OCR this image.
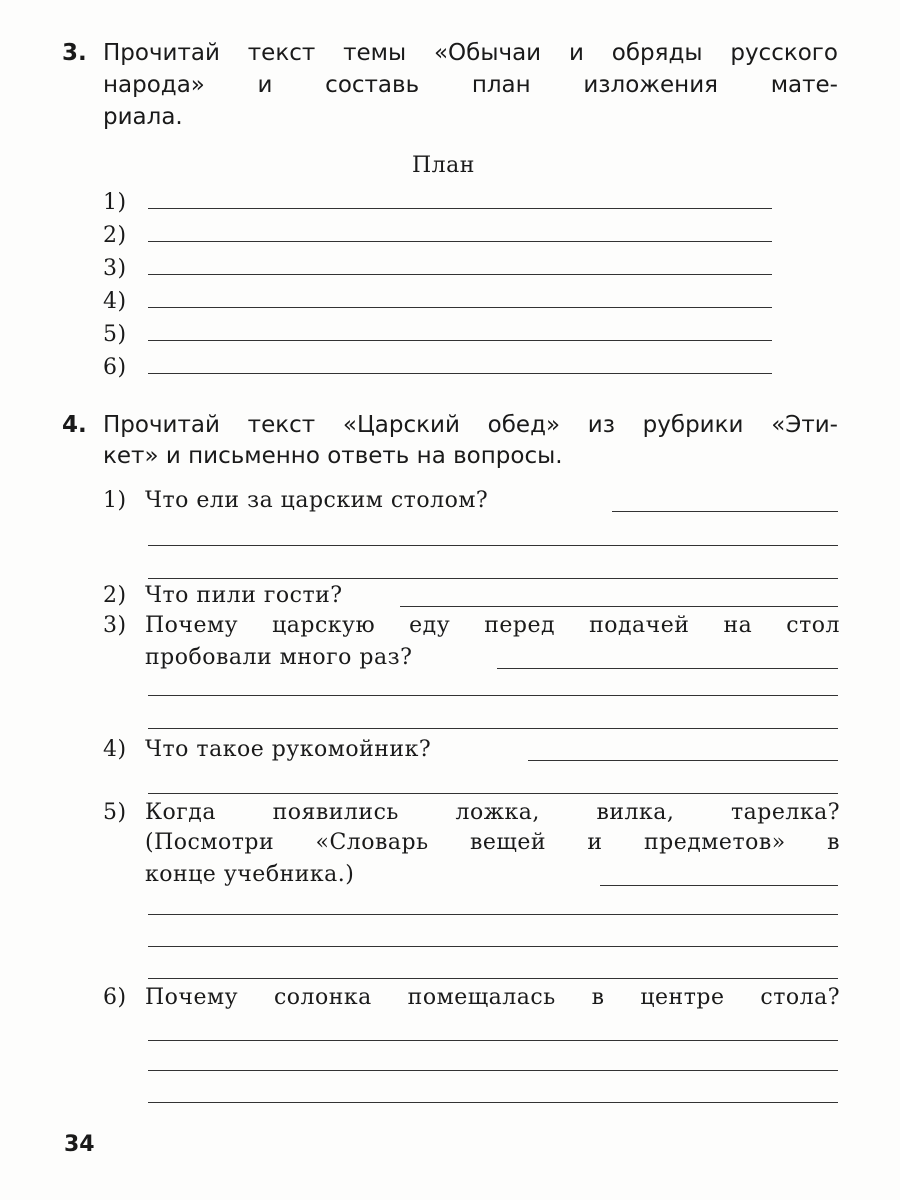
3. Прочитай текст темы «Обычаи и обряды русского
народа» и составь план изложения мате-
риала.
План
1)
2)
3)
4)
5)
6)
4. Прочитай текст «Царский обед» из рубрики «Эти-
кет» и письменно ответь на вопросы.
1) Что ели за царским столом?
2) Что пили гости?
3) Почему царскую еду перед подачей на стол
пробовали много раз?
4) Что такое рукомойник?
5) Когда появились ложка, вилка, тарелка?
(Посмотри «Словарь вещей и предметов» в
конце учебника.)
6) Почему солонка помещалась в центре стола?
34
